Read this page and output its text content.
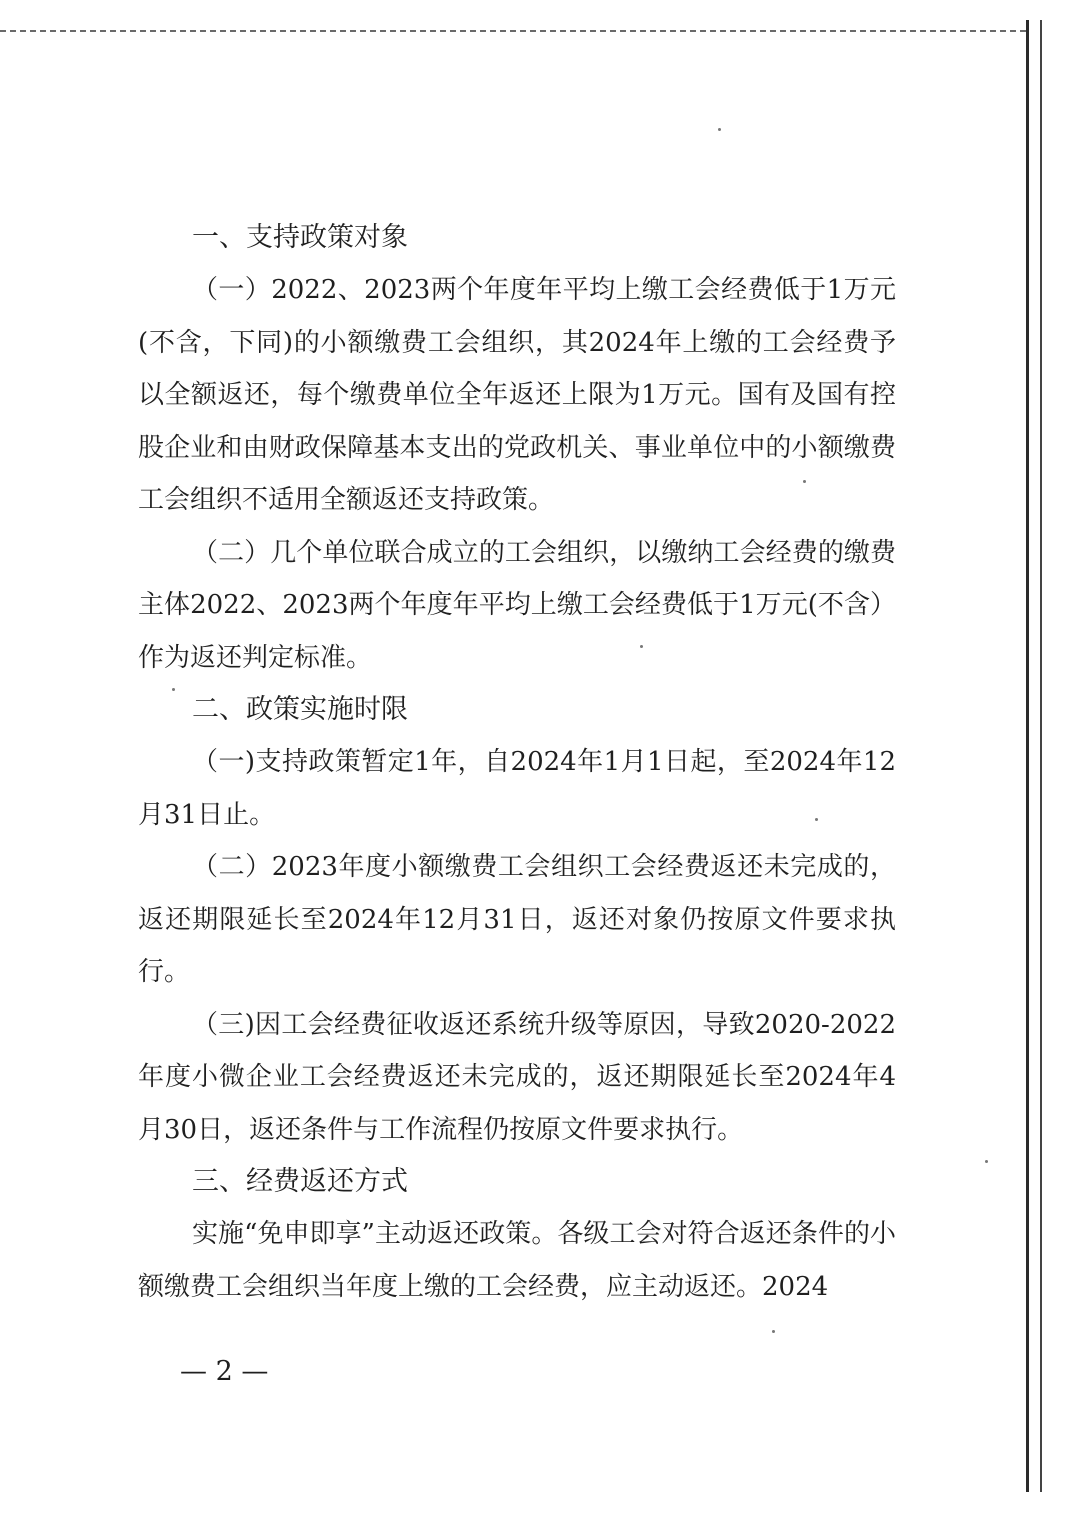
一、支持政策对象

（一）2022、2023两个年度年平均上缴工会经费低于1万元(不含，下同)的小额缴费工会组织，其2024年上缴的工会经费予以全额返还，每个缴费单位全年返还上限为1万元。国有及国有控股企业和由财政保障基本支出的党政机关、事业单位中的小额缴费工会组织不适用全额返还支持政策。

（二）几个单位联合成立的工会组织，以缴纳工会经费的缴费主体2022、2023两个年度年平均上缴工会经费低于1万元(不含）作为返还判定标准。

二、政策实施时限

（一)支持政策暂定1年，自2024年1月1日起，至2024年12月31日止。

（二）2023年度小额缴费工会组织工会经费返还未完成的，返还期限延长至2024年12月31日，返还对象仍按原文件要求执行。

（三)因工会经费征收返还系统升级等原因，导致2020-2022年度小微企业工会经费返还未完成的，返还期限延长至2024年4月30日，返还条件与工作流程仍按原文件要求执行。

三、经费返还方式

实施“免申即享”主动返还政策。各级工会对符合返还条件的小额缴费工会组织当年度上缴的工会经费，应主动返还。2024

— 2 —
